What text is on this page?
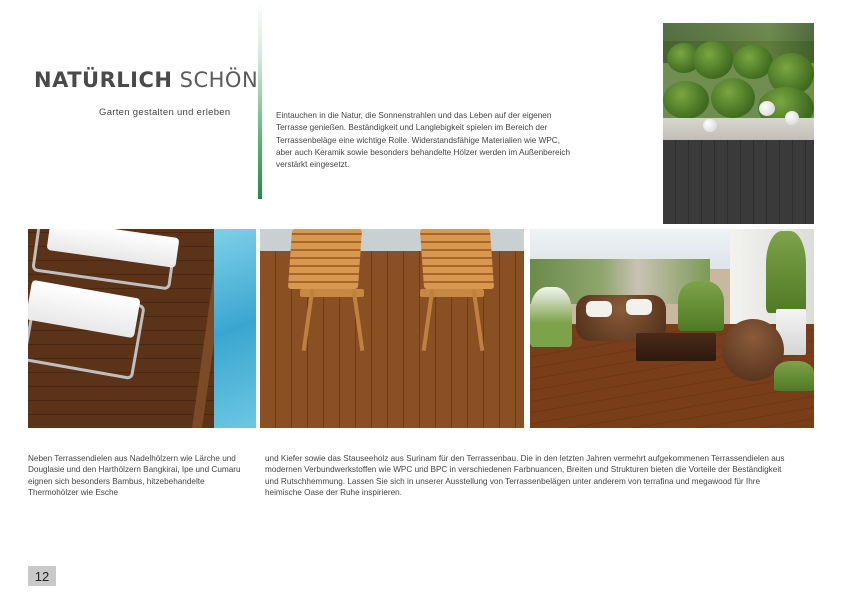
NATÜRLICH SCHÖN
Garten gestalten und erleben	Eintauchen in die Natur, die Sonnenstrahlen und das Leben auf der eigenen Terrasse genießen. Beständigkeit und Langlebigkeit spielen im Bereich der Terrassenbeläge eine wichtige Rolle. Widerstandsfähige Materialien wie WPC, aber auch Keramik sowie besonders behandelte Hölzer werden im Außenbereich verstärkt eingesetzt.

Neben Terrassendielen aus Nadelhölzern wie Lärche und Douglasie und den Harthölzern Bangkirai, Ipe und Cumaru eignen sich besonders Bambus, hitzebehandelte Thermohölzer wie Esche

und Kiefer sowie das Stauseeholz aus Surinam für den Terrassenbau. Die in den letzten Jahren vermehrt aufgekommenen Terrassendielen aus modernen Verbundwerkstoffen wie WPC und BPC in verschiedenen Farbnuancen, Breiten und Strukturen bieten die Vorteile der Beständigkeit und Rutschhemmung. Lassen Sie sich in unserer Ausstellung von Terrassenbelägen unter anderem von terrafina und megawood für Ihre heimische Oase der Ruhe inspirieren.

12
